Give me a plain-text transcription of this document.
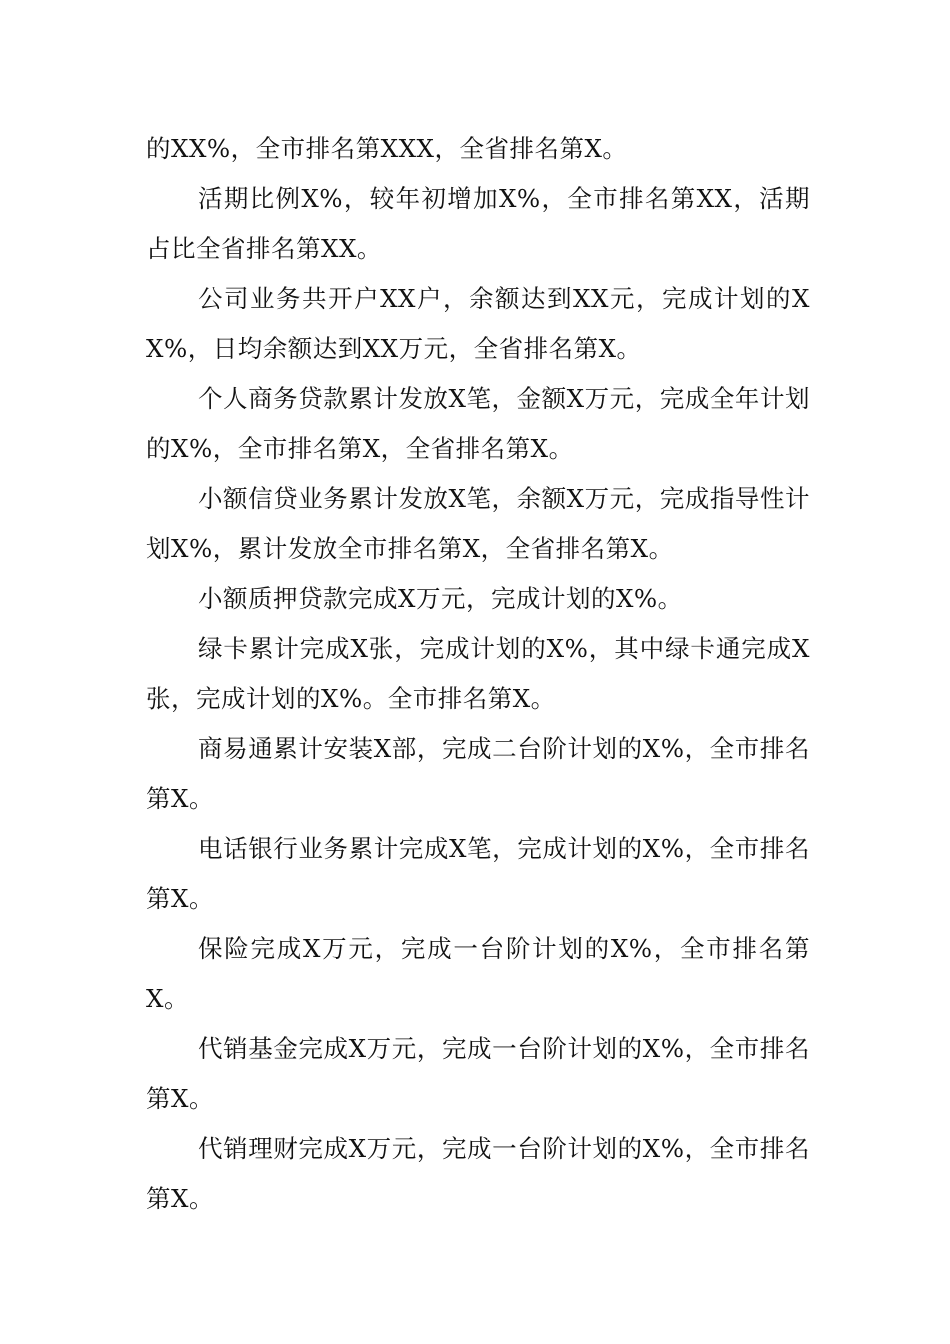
的XX%，全市排名第XXX，全省排名第X。

活期比例X%，较年初增加X%，全市排名第XX，活期占比全省排名第XX。

公司业务共开户XX户，余额达到XX元，完成计划的XX%，日均余额达到XX万元，全省排名第X。

个人商务贷款累计发放X笔，金额X万元，完成全年计划的X%，全市排名第X，全省排名第X。

小额信贷业务累计发放X笔，余额X万元，完成指导性计划X%，累计发放全市排名第X，全省排名第X。

小额质押贷款完成X万元，完成计划的X%。

绿卡累计完成X张，完成计划的X%，其中绿卡通完成X张，完成计划的X%。全市排名第X。

商易通累计安装X部，完成二台阶计划的X%，全市排名第X。

电话银行业务累计完成X笔，完成计划的X%，全市排名第X。

保险完成X万元，完成一台阶计划的X%，全市排名第X。

代销基金完成X万元，完成一台阶计划的X%，全市排名第X。

代销理财完成X万元，完成一台阶计划的X%，全市排名第X。
